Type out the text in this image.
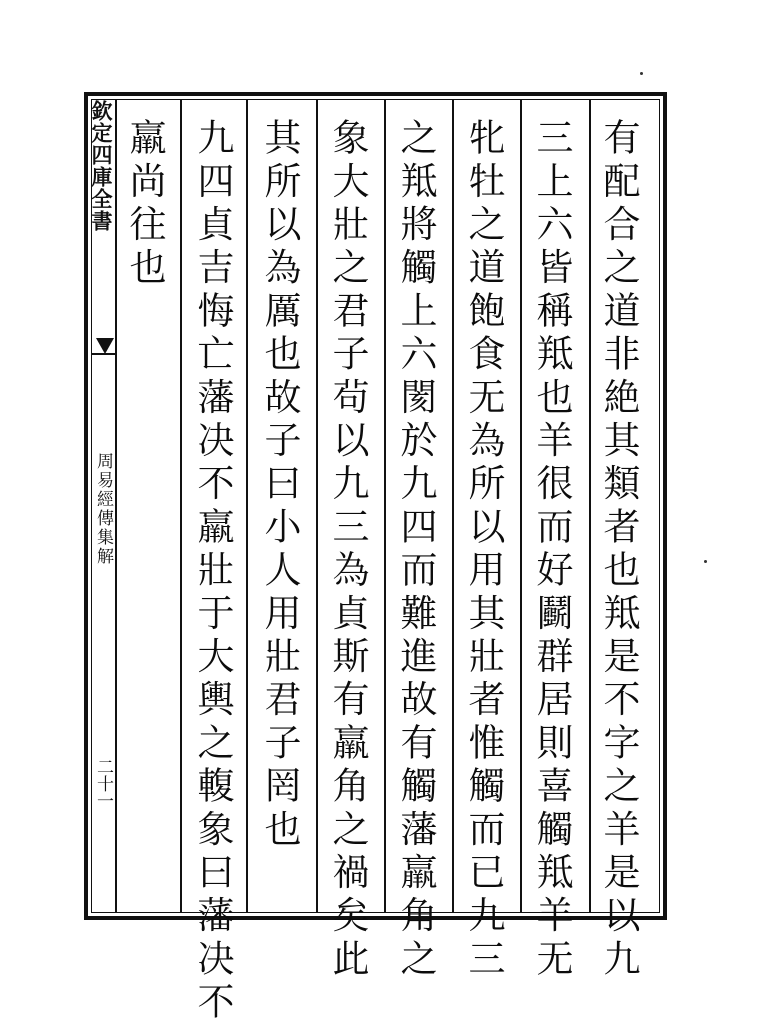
欽定四庫全書
周易經傳集解
二十一	有配合之道非絶其類者也羝是不字之羊是以九
三上六皆稱羝也羊很而好鬬群居則喜觸羝羊无
牝牡之道飽食无為所以用其壯者惟觸而已九三
之羝將觸上六閡於九四而難進故有觸藩羸角之
象大壯之君子茍以九三為貞斯有羸角之禍矣此
其所以為厲也故子曰小人用壯君子罔也
九四貞吉悔亡藩决不羸壯于大輿之輹象曰藩决不
羸尚往也
